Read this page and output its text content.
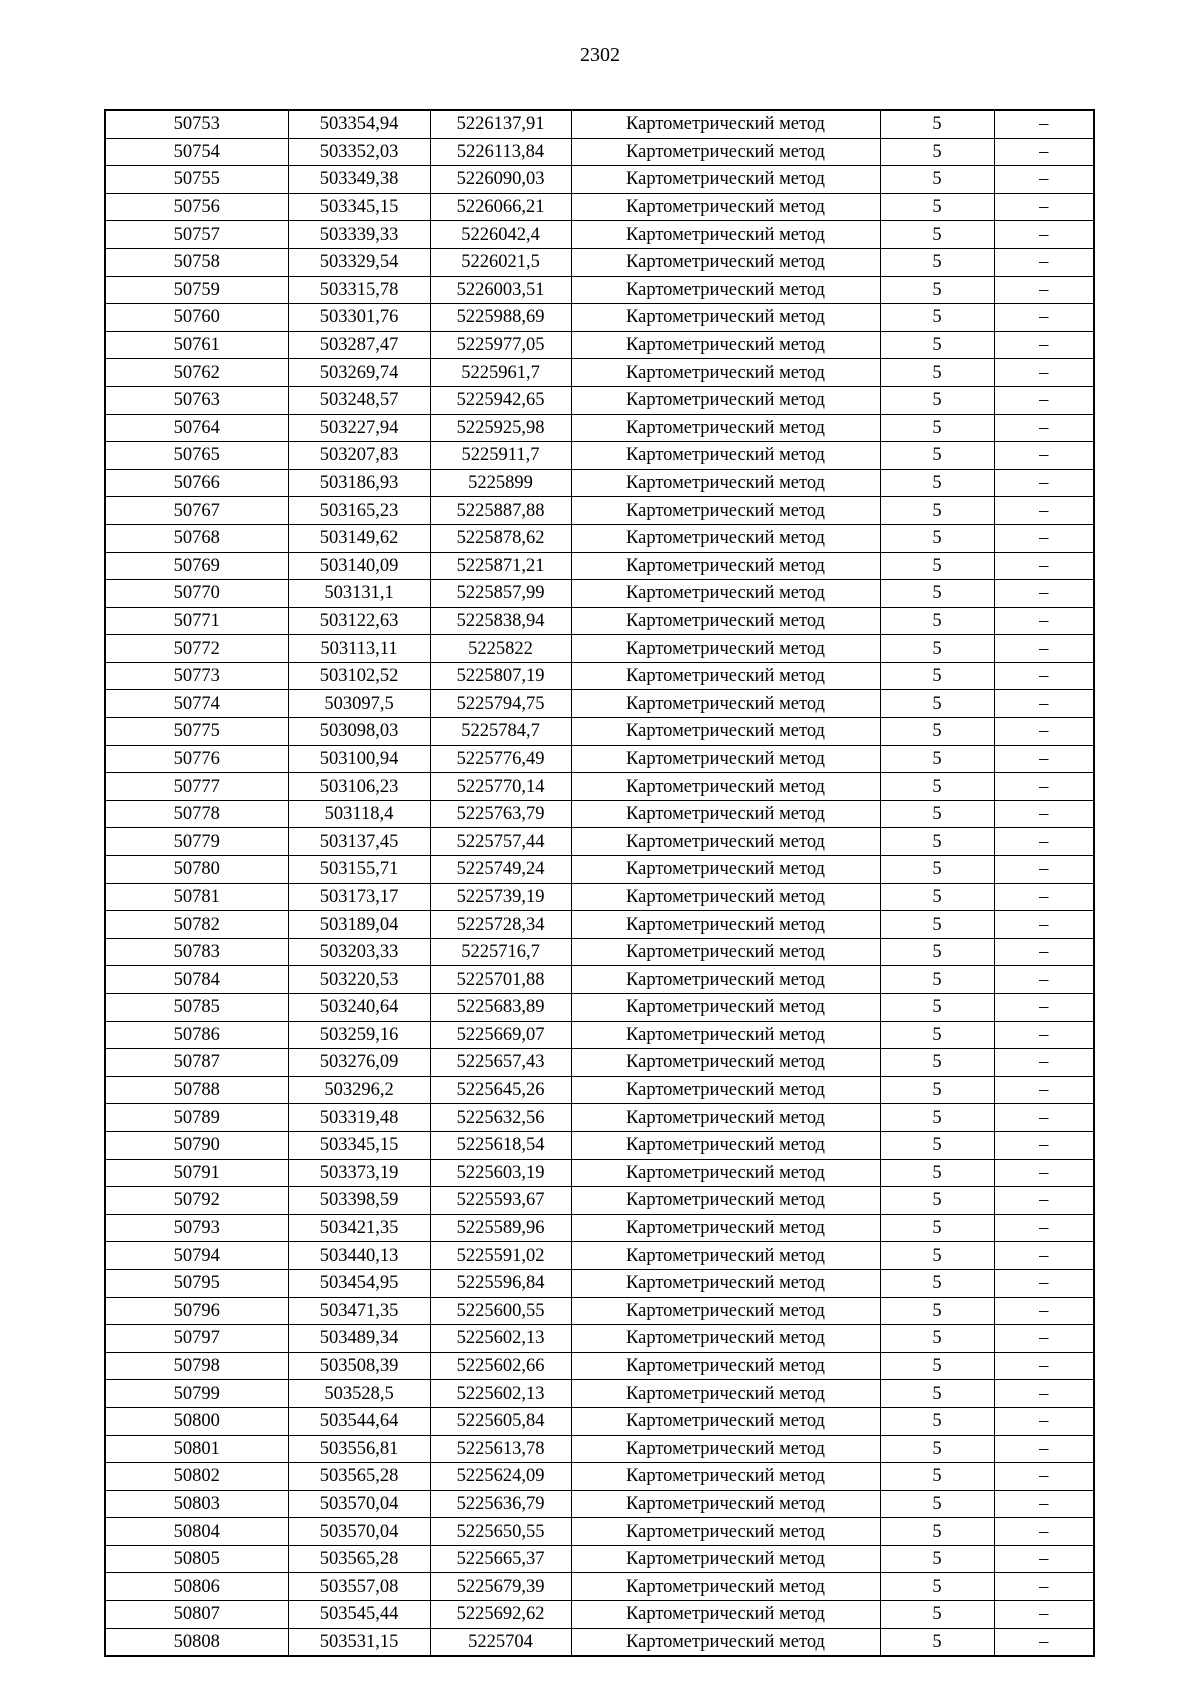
2302
50753	503354,94	5226137,91	Картометрический метод	5	–
50754	503352,03	5226113,84	Картометрический метод	5	–
50755	503349,38	5226090,03	Картометрический метод	5	–
50756	503345,15	5226066,21	Картометрический метод	5	–
50757	503339,33	5226042,4	Картометрический метод	5	–
50758	503329,54	5226021,5	Картометрический метод	5	–
50759	503315,78	5226003,51	Картометрический метод	5	–
50760	503301,76	5225988,69	Картометрический метод	5	–
50761	503287,47	5225977,05	Картометрический метод	5	–
50762	503269,74	5225961,7	Картометрический метод	5	–
50763	503248,57	5225942,65	Картометрический метод	5	–
50764	503227,94	5225925,98	Картометрический метод	5	–
50765	503207,83	5225911,7	Картометрический метод	5	–
50766	503186,93	5225899	Картометрический метод	5	–
50767	503165,23	5225887,88	Картометрический метод	5	–
50768	503149,62	5225878,62	Картометрический метод	5	–
50769	503140,09	5225871,21	Картометрический метод	5	–
50770	503131,1	5225857,99	Картометрический метод	5	–
50771	503122,63	5225838,94	Картометрический метод	5	–
50772	503113,11	5225822	Картометрический метод	5	–
50773	503102,52	5225807,19	Картометрический метод	5	–
50774	503097,5	5225794,75	Картометрический метод	5	–
50775	503098,03	5225784,7	Картометрический метод	5	–
50776	503100,94	5225776,49	Картометрический метод	5	–
50777	503106,23	5225770,14	Картометрический метод	5	–
50778	503118,4	5225763,79	Картометрический метод	5	–
50779	503137,45	5225757,44	Картометрический метод	5	–
50780	503155,71	5225749,24	Картометрический метод	5	–
50781	503173,17	5225739,19	Картометрический метод	5	–
50782	503189,04	5225728,34	Картометрический метод	5	–
50783	503203,33	5225716,7	Картометрический метод	5	–
50784	503220,53	5225701,88	Картометрический метод	5	–
50785	503240,64	5225683,89	Картометрический метод	5	–
50786	503259,16	5225669,07	Картометрический метод	5	–
50787	503276,09	5225657,43	Картометрический метод	5	–
50788	503296,2	5225645,26	Картометрический метод	5	–
50789	503319,48	5225632,56	Картометрический метод	5	–
50790	503345,15	5225618,54	Картометрический метод	5	–
50791	503373,19	5225603,19	Картометрический метод	5	–
50792	503398,59	5225593,67	Картометрический метод	5	–
50793	503421,35	5225589,96	Картометрический метод	5	–
50794	503440,13	5225591,02	Картометрический метод	5	–
50795	503454,95	5225596,84	Картометрический метод	5	–
50796	503471,35	5225600,55	Картометрический метод	5	–
50797	503489,34	5225602,13	Картометрический метод	5	–
50798	503508,39	5225602,66	Картометрический метод	5	–
50799	503528,5	5225602,13	Картометрический метод	5	–
50800	503544,64	5225605,84	Картометрический метод	5	–
50801	503556,81	5225613,78	Картометрический метод	5	–
50802	503565,28	5225624,09	Картометрический метод	5	–
50803	503570,04	5225636,79	Картометрический метод	5	–
50804	503570,04	5225650,55	Картометрический метод	5	–
50805	503565,28	5225665,37	Картометрический метод	5	–
50806	503557,08	5225679,39	Картометрический метод	5	–
50807	503545,44	5225692,62	Картометрический метод	5	–
50808	503531,15	5225704	Картометрический метод	5	–
